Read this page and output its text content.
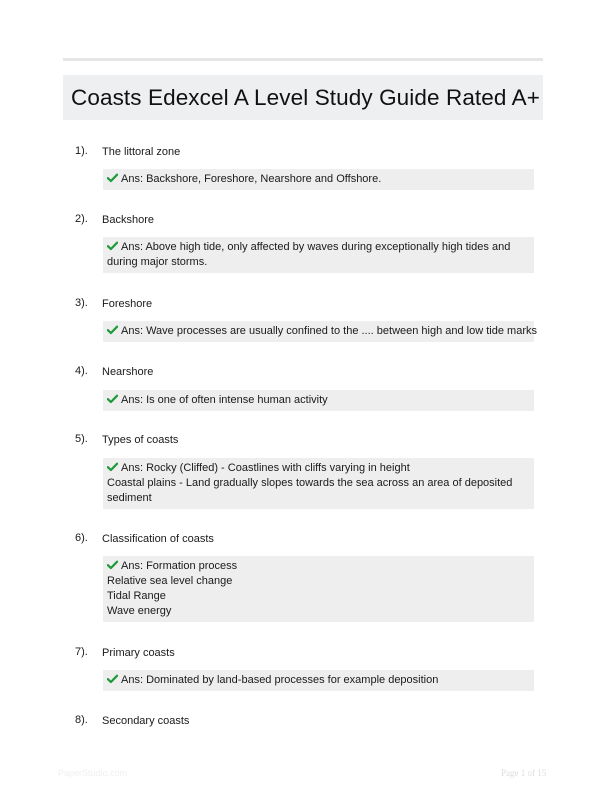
Coasts Edexcel A Level Study Guide Rated A+
1). The littoral zone
Ans: Backshore, Foreshore, Nearshore and Offshore.
2). Backshore
Ans: Above high tide, only affected by waves during exceptionally high tides and during major storms.
3). Foreshore
Ans: Wave processes are usually confined to the .... between high and low tide marks
4). Nearshore
Ans: Is one of often intense human activity
5). Types of coasts
Ans: Rocky (Cliffed) - Coastlines with cliffs varying in height
Coastal plains - Land gradually slopes towards the sea across an area of deposited sediment
6). Classification of coasts
Ans: Formation process
Relative sea level change
Tidal Range
Wave energy
7). Primary coasts
Ans: Dominated by land-based processes for example deposition
8). Secondary coasts
PaperStudio.com	Page 1 of 15
